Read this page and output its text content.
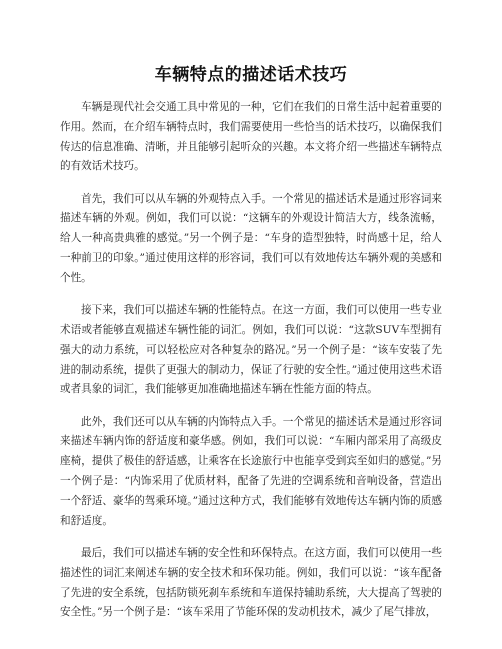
车辆特点的描述话术技巧

车辆是现代社会交通工具中常见的一种，它们在我们的日常生活中起着重要的作用。然而，在介绍车辆特点时，我们需要使用一些恰当的话术技巧，以确保我们传达的信息准确、清晰，并且能够引起听众的兴趣。本文将介绍一些描述车辆特点的有效话术技巧。

首先，我们可以从车辆的外观特点入手。一个常见的描述话术是通过形容词来描述车辆的外观。例如，我们可以说：“这辆车的外观设计简洁大方，线条流畅，给人一种高贵典雅的感觉。”另一个例子是：“车身的造型独特，时尚感十足，给人一种前卫的印象。”通过使用这样的形容词，我们可以有效地传达车辆外观的美感和个性。

接下来，我们可以描述车辆的性能特点。在这一方面，我们可以使用一些专业术语或者能够直观描述车辆性能的词汇。例如，我们可以说：“这款SUV车型拥有强大的动力系统，可以轻松应对各种复杂的路况。”另一个例子是：“该车安装了先进的制动系统，提供了更强大的制动力，保证了行驶的安全性。”通过使用这些术语或者具象的词汇，我们能够更加准确地描述车辆在性能方面的特点。

此外，我们还可以从车辆的内饰特点入手。一个常见的描述话术是通过形容词来描述车辆内饰的舒适度和豪华感。例如，我们可以说：“车厢内部采用了高级皮座椅，提供了极佳的舒适感，让乘客在长途旅行中也能享受到宾至如归的感觉。”另一个例子是：“内饰采用了优质材料，配备了先进的空调系统和音响设备，营造出一个舒适、豪华的驾乘环境。”通过这种方式，我们能够有效地传达车辆内饰的质感和舒适度。

最后，我们可以描述车辆的安全性和环保特点。在这方面，我们可以使用一些描述性的词汇来阐述车辆的安全技术和环保功能。例如，我们可以说：“该车配备了先进的安全系统，包括防锁死刹车系统和车道保持辅助系统，大大提高了驾驶的安全性。”另一个例子是：“该车采用了节能环保的发动机技术，减少了尾气排放，
